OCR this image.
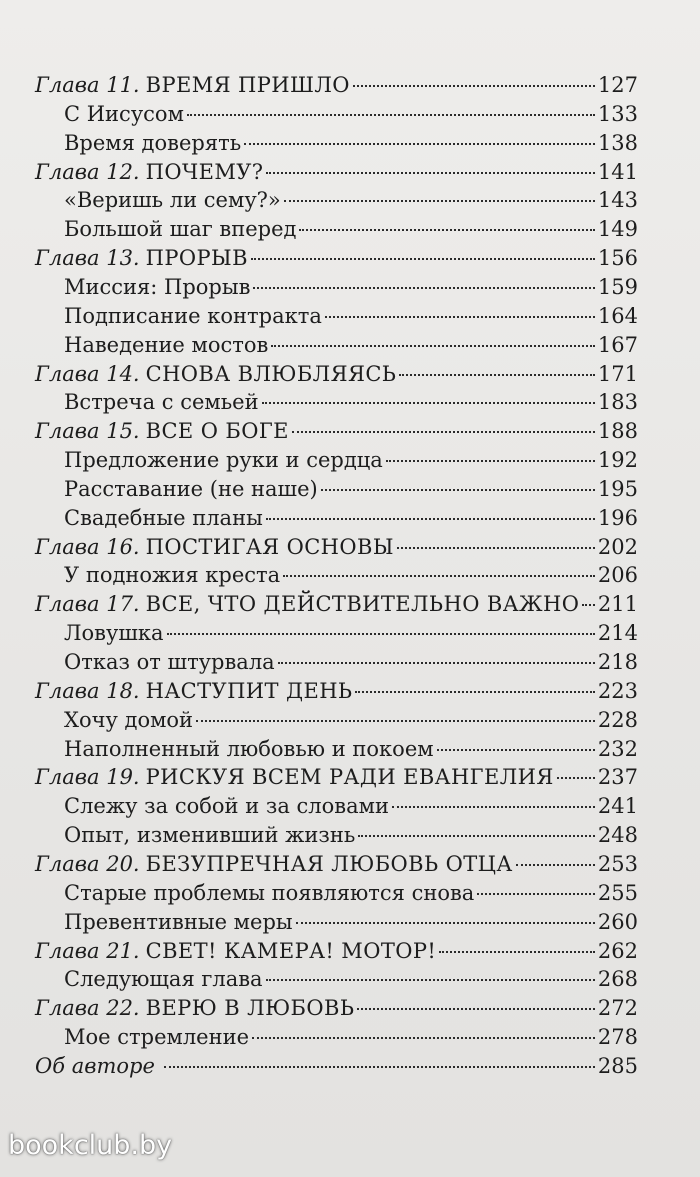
Глава 11. ВРЕМЯ ПРИШЛО	127
С Иисусом	133
Время доверять	138
Глава 12. ПОЧЕМУ?	141
«Веришь ли сему?»	143
Большой шаг вперед	149
Глава 13. ПРОРЫВ	156
Миссия: Прорыв	159
Подписание контракта	164
Наведение мостов	167
Глава 14. СНОВА ВЛЮБЛЯЯСЬ	171
Встреча с семьей	183
Глава 15. ВСЕ О БОГЕ	188
Предложение руки и сердца	192
Расставание (не наше)	195
Свадебные планы	196
Глава 16. ПОСТИГАЯ ОСНОВЫ	202
У подножия креста	206
Глава 17. ВСЕ, ЧТО ДЕЙСТВИТЕЛЬНО ВАЖНО 211
Ловушка	214
Отказ от штурвала	218
Глава 18. НАСТУПИТ ДЕНЬ	223
Хочу домой	228
Наполненный любовью и покоем	232
Глава 19. РИСКУЯ ВСЕМ РАДИ ЕВАНГЕЛИЯ 237
Слежу за собой и за словами	241
Опыт, изменивший жизнь	248
Глава 20. БЕЗУПРЕЧНАЯ ЛЮБОВЬ ОТЦА	253
Старые проблемы появляются снова	255
Превентивные меры	260
Глава 21. СВЕТ! КАМЕРА! МОТОР!	262
Следующая глава	268
Глава 22. ВЕРЮ В ЛЮБОВЬ	272
Мое стремление	278
Об авторе	285
bookclub.by
